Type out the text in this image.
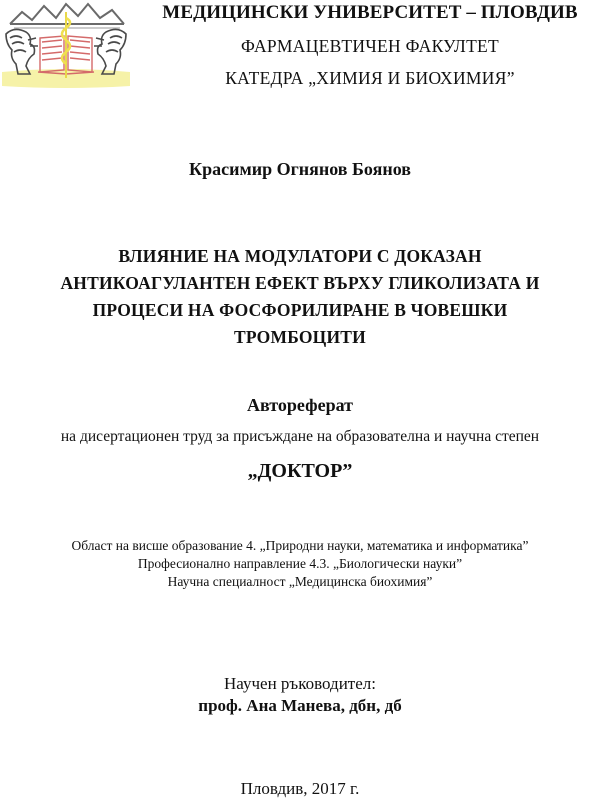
МЕДИЦИНСКИ УНИВЕРСИТЕТ – ПЛОВДИВ
ФАРМАЦЕВТИЧЕН ФАКУЛТЕТ
КАТЕДРА „ХИМИЯ И БИОХИМИЯ”
Красимир Огнянов Боянов
ВЛИЯНИЕ НА МОДУЛАТОРИ С ДОКАЗАН
АНТИКОАГУЛАНТЕН ЕФЕКТ ВЪРХУ ГЛИКОЛИЗАТА И
ПРОЦЕСИ НА ФОСФОРИЛИРАНЕ В ЧОВЕШКИ
ТРОМБОЦИТИ
Автореферат
на дисертационен труд за присъждане на образователна и научна степен
„ДОКТОР”
Област на висше образование 4. „Природни науки, математика и информатика”
Професионално направление 4.3. „Биологически науки”
Научна специалност „Медицинска биохимия”
Научен ръководител:
проф. Ана Манева, дбн, дб
Пловдив, 2017 г.
